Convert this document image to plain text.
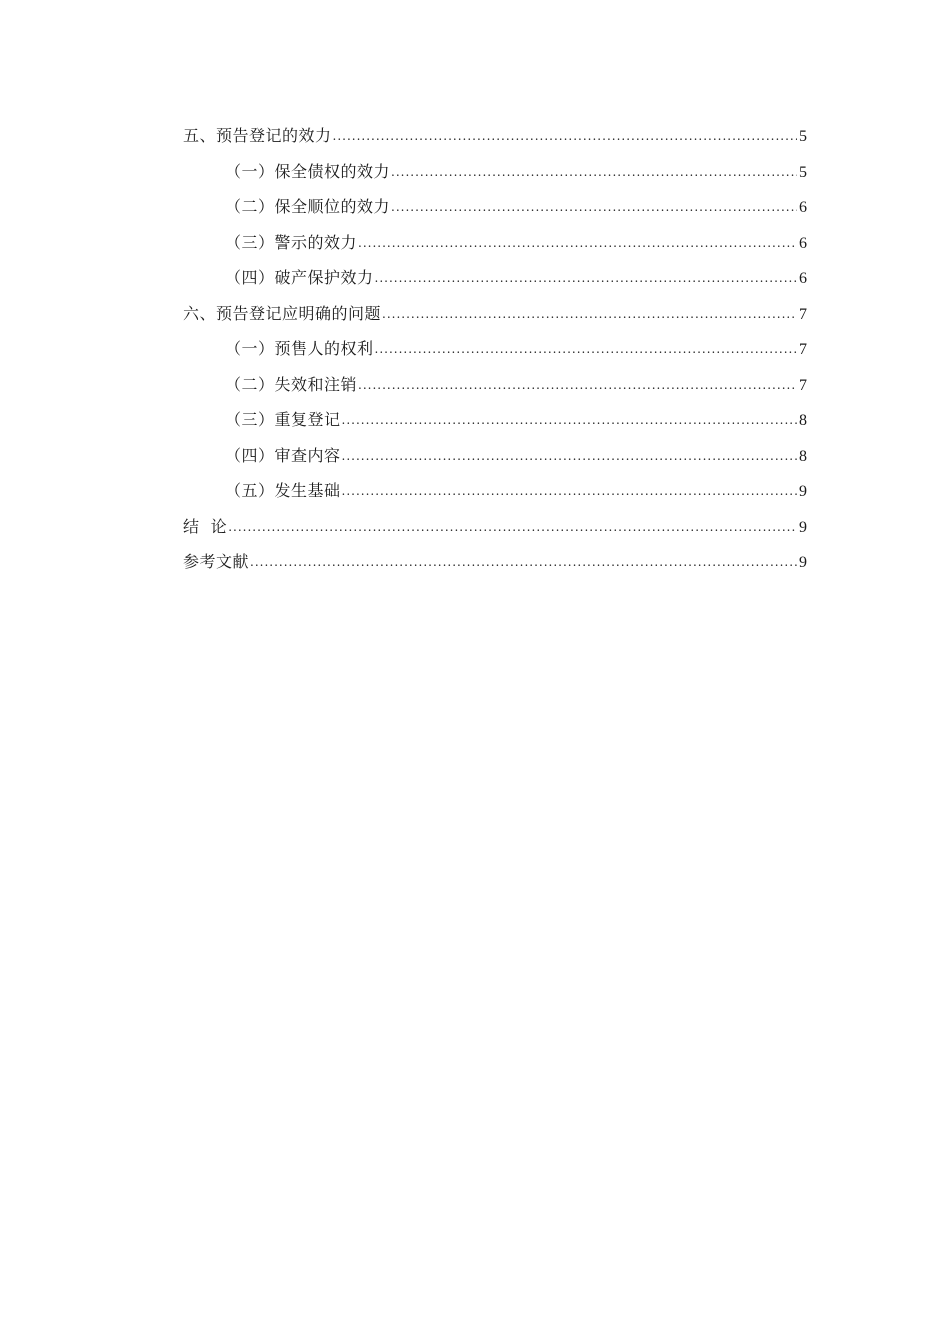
五、预告登记的效力 .....	5
（一）保全债权的效力 .....	5
（二）保全顺位的效力 .....	6
（三）警示的效力 .....	6
（四）破产保护效力 .....	6
六、预告登记应明确的问题 .....	7
（一）预售人的权利 .....	7
（二）失效和注销 .....	7
（三）重复登记 .....	8
（四）审查内容 .....	8
（五）发生基础 .....	9
结  论 .....	9
参考文献 .....	9
